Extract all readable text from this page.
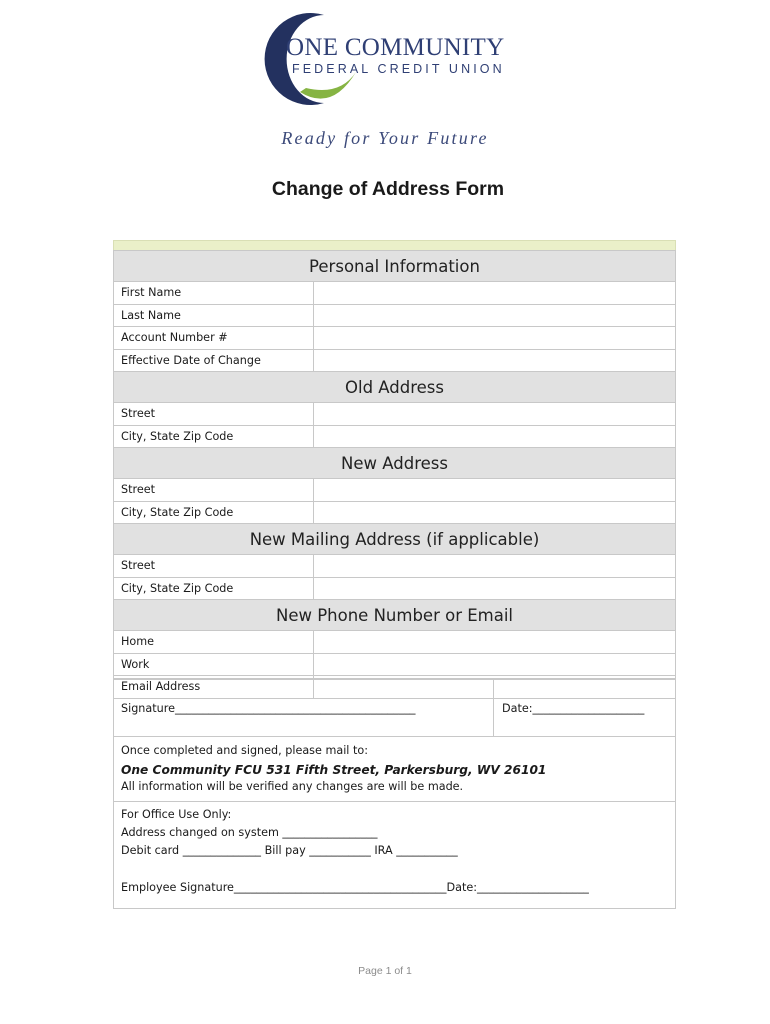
ONE COMMUNITY
FEDERAL CREDIT UNION
Ready for Your Future
Change of Address Form
Personal Information
First Name
Last Name
Account Number #
Effective Date of Change
Old Address
Street
City, State Zip Code
New Address
Street
City, State Zip Code
New Mailing Address (if applicable)
Street
City, State Zip Code
New Phone Number or Email
Home
Work
Email Address
Signature___________________________________________	Date:____________________
Once completed and signed, please mail to:
One Community FCU 531 Fifth Street, Parkersburg, WV 26101
All information will be verified any changes are will be made.
For Office Use Only:
Address changed on system _________________
Debit card ______________ Bill pay ___________ IRA ___________
Employee Signature______________________________________Date:____________________
Page 1 of 1
